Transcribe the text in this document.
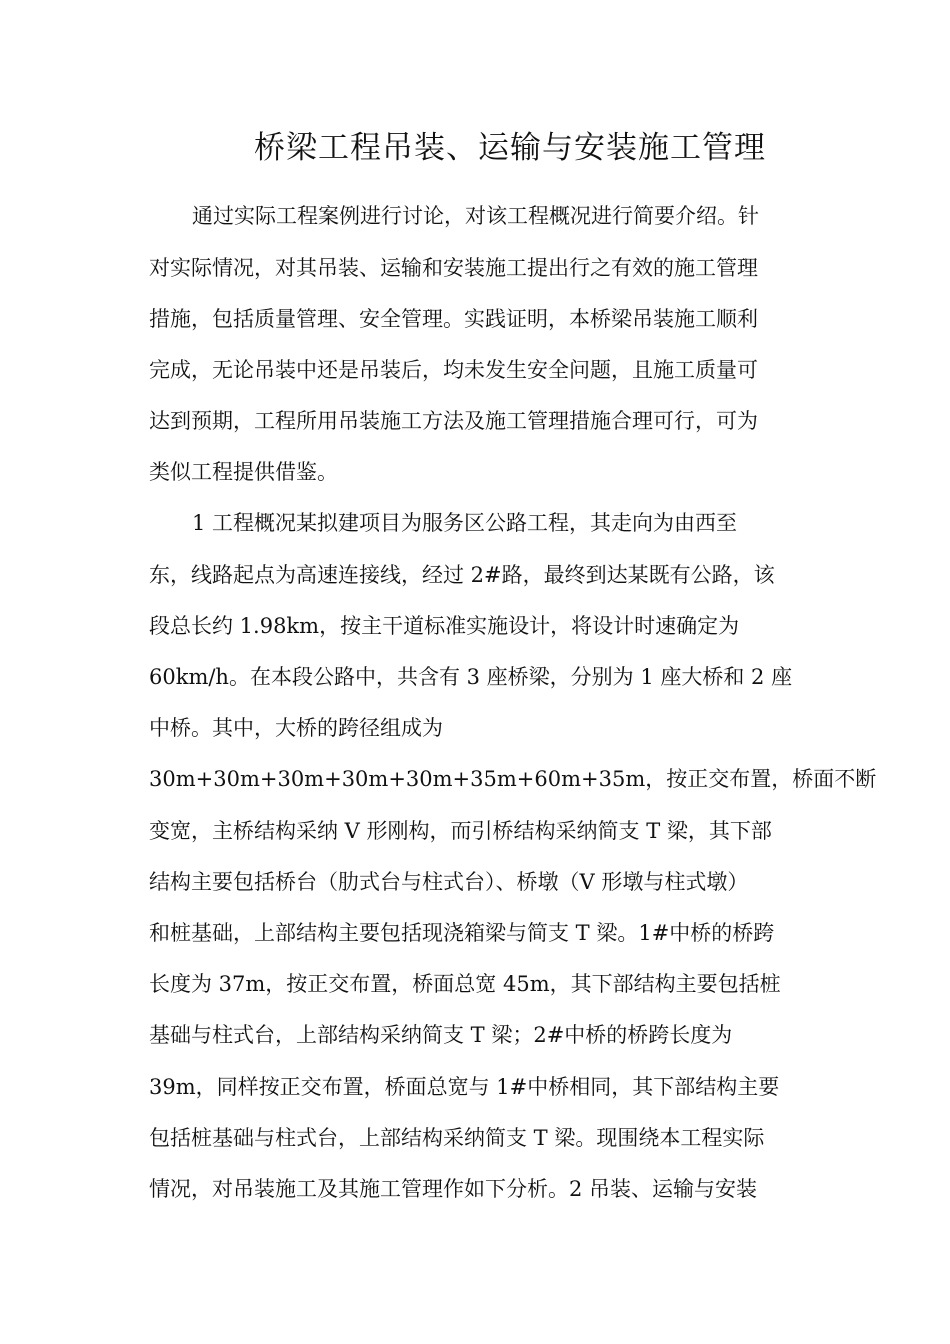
桥梁工程吊装、运输与安装施工管理
通过实际工程案例进行讨论，对该工程概况进行简要介绍。针
对实际情况，对其吊装、运输和安装施工提出行之有效的施工管理
措施，包括质量管理、安全管理。实践证明，本桥梁吊装施工顺利
完成，无论吊装中还是吊装后，均未发生安全问题，且施工质量可
达到预期，工程所用吊装施工方法及施工管理措施合理可行，可为
类似工程提供借鉴。
1 工程概况某拟建项目为服务区公路工程，其走向为由西至
东，线路起点为高速连接线，经过 2#路，最终到达某既有公路，该
段总长约 1.98km，按主干道标准实施设计，将设计时速确定为
60km/h。在本段公路中，共含有 3 座桥梁，分别为 1 座大桥和 2 座
中桥。其中，大桥的跨径组成为
30m+30m+30m+30m+30m+35m+60m+35m，按正交布置，桥面不断
变宽，主桥结构采纳 V 形刚构，而引桥结构采纳简支 T 梁，其下部
结构主要包括桥台（肋式台与柱式台）、桥墩（V 形墩与柱式墩）
和桩基础，上部结构主要包括现浇箱梁与简支 T 梁。1#中桥的桥跨
长度为 37m，按正交布置，桥面总宽 45m，其下部结构主要包括桩
基础与柱式台，上部结构采纳简支 T 梁；2#中桥的桥跨长度为
39m，同样按正交布置，桥面总宽与 1#中桥相同，其下部结构主要
包括桩基础与柱式台，上部结构采纳简支 T 梁。现围绕本工程实际
情况，对吊装施工及其施工管理作如下分析。2 吊装、运输与安装
